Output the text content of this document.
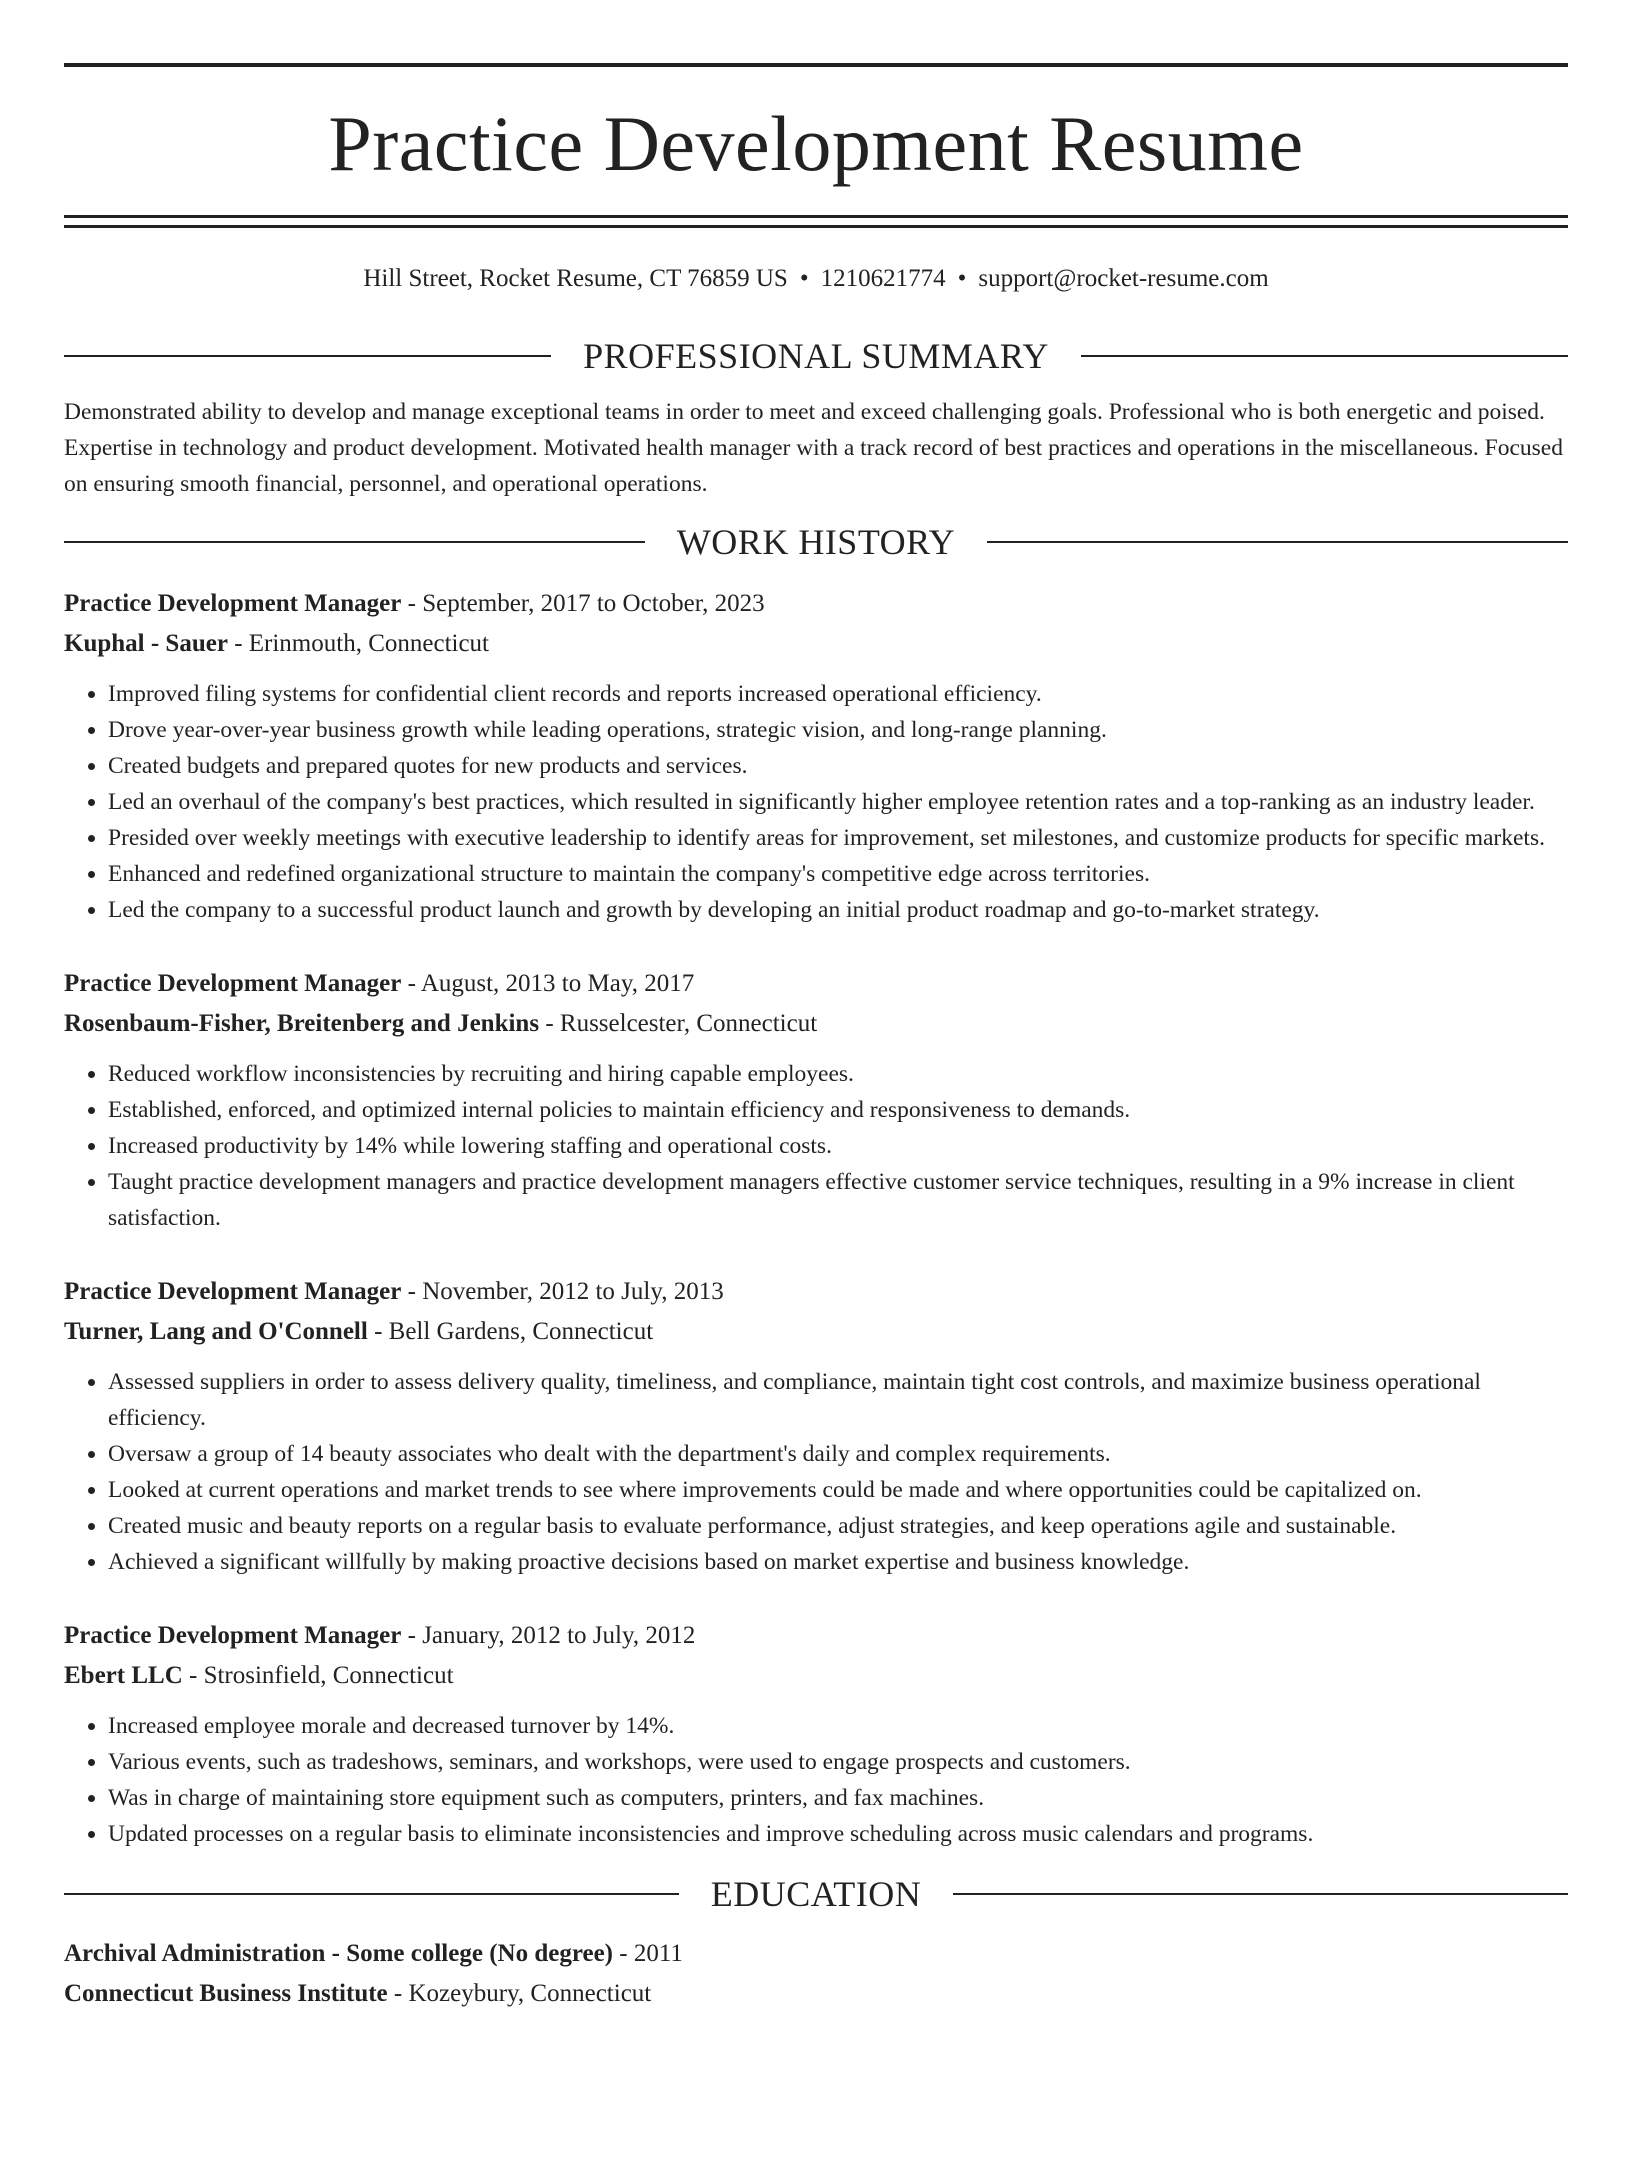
Practice Development Resume
Hill Street, Rocket Resume, CT 76859 US • 1210621774 • support@rocket-resume.com
PROFESSIONAL SUMMARY
Demonstrated ability to develop and manage exceptional teams in order to meet and exceed challenging goals. Professional who is both energetic and poised. Expertise in technology and product development. Motivated health manager with a track record of best practices and operations in the miscellaneous. Focused on ensuring smooth financial, personnel, and operational operations.
WORK HISTORY
Practice Development Manager - September, 2017 to October, 2023
Kuphal - Sauer - Erinmouth, Connecticut
• Improved filing systems for confidential client records and reports increased operational efficiency.
• Drove year-over-year business growth while leading operations, strategic vision, and long-range planning.
• Created budgets and prepared quotes for new products and services.
• Led an overhaul of the company's best practices, which resulted in significantly higher employee retention rates and a top-ranking as an industry leader.
• Presided over weekly meetings with executive leadership to identify areas for improvement, set milestones, and customize products for specific markets.
• Enhanced and redefined organizational structure to maintain the company's competitive edge across territories.
• Led the company to a successful product launch and growth by developing an initial product roadmap and go-to-market strategy.
Practice Development Manager - August, 2013 to May, 2017
Rosenbaum-Fisher, Breitenberg and Jenkins - Russelcester, Connecticut
• Reduced workflow inconsistencies by recruiting and hiring capable employees.
• Established, enforced, and optimized internal policies to maintain efficiency and responsiveness to demands.
• Increased productivity by 14% while lowering staffing and operational costs.
• Taught practice development managers and practice development managers effective customer service techniques, resulting in a 9% increase in client satisfaction.
Practice Development Manager - November, 2012 to July, 2013
Turner, Lang and O'Connell - Bell Gardens, Connecticut
• Assessed suppliers in order to assess delivery quality, timeliness, and compliance, maintain tight cost controls, and maximize business operational efficiency.
• Oversaw a group of 14 beauty associates who dealt with the department's daily and complex requirements.
• Looked at current operations and market trends to see where improvements could be made and where opportunities could be capitalized on.
• Created music and beauty reports on a regular basis to evaluate performance, adjust strategies, and keep operations agile and sustainable.
• Achieved a significant willfully by making proactive decisions based on market expertise and business knowledge.
Practice Development Manager - January, 2012 to July, 2012
Ebert LLC - Strosinfield, Connecticut
• Increased employee morale and decreased turnover by 14%.
• Various events, such as tradeshows, seminars, and workshops, were used to engage prospects and customers.
• Was in charge of maintaining store equipment such as computers, printers, and fax machines.
• Updated processes on a regular basis to eliminate inconsistencies and improve scheduling across music calendars and programs.
EDUCATION
Archival Administration - Some college (No degree) - 2011
Connecticut Business Institute - Kozeybury, Connecticut
